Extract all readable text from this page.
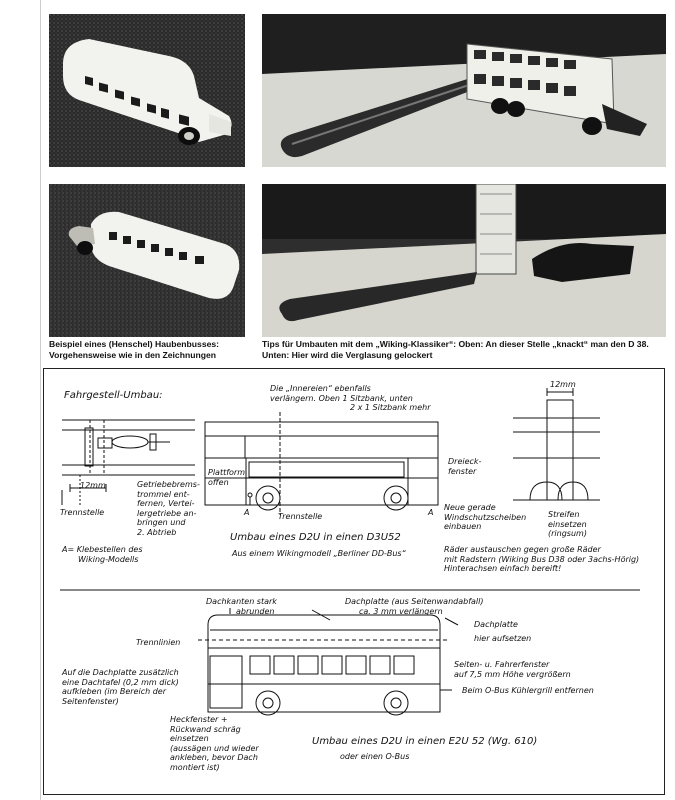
Beispiel eines (Henschel) Haubenbusses: Vorgehensweise wie in den Zeichnungen
Tips für Umbauten mit dem „Wiking-Klassiker“: Oben: An dieser Stelle „knackt“ man den D 38.
Unten: Hier wird die Verglasung gelockert
Fahrgestell-Umbau:
12mm	Getriebebrems-
trommel ent-
fernen, Vertei-
lergetriebe an-
bringen und
2. Abtrieb
Trennstelle
A= Klebestellen des
Wiking-Modells
Die „Innereien“ ebenfalls
verlängern. Oben 1 Sitzbank, unten
2 x 1 Sitzbank mehr
Plattform
offen
Dreieck-
fenster
A	Trennstelle	A
Neue gerade
Windschutzscheiben
einbauen
Umbau eines D2U in einen D3U52
Aus einem Wikingmodell „Berliner DD-Bus“
12mm
Streifen
einsetzen
(ringsum)
Räder austauschen gegen große Räder
mit Radstern (Wiking Bus D38 oder 3achs-Hörig)
Hinterachsen einfach bereift!
Dachkanten stark
abrunden
Dachplatte (aus Seitenwandabfall)
ca. 3 mm verlängern
Dachplatte
hier aufsetzen
Trennlinien
Auf die Dachplatte zusätzlich
eine Dachtafel (0,2 mm dick)
aufkleben (im Bereich der
Seitenfenster)
Seiten- u. Fahrerfenster
auf 7,5 mm Höhe vergrößern
Beim O-Bus Kühlergrill entfernen
Heckfenster +
Rückwand schräg
einsetzen
(aussägen und wieder
ankleben, bevor Dach
montiert ist)
Umbau eines D2U in einen E2U 52 (Wg. 610)
oder einen O-Bus
